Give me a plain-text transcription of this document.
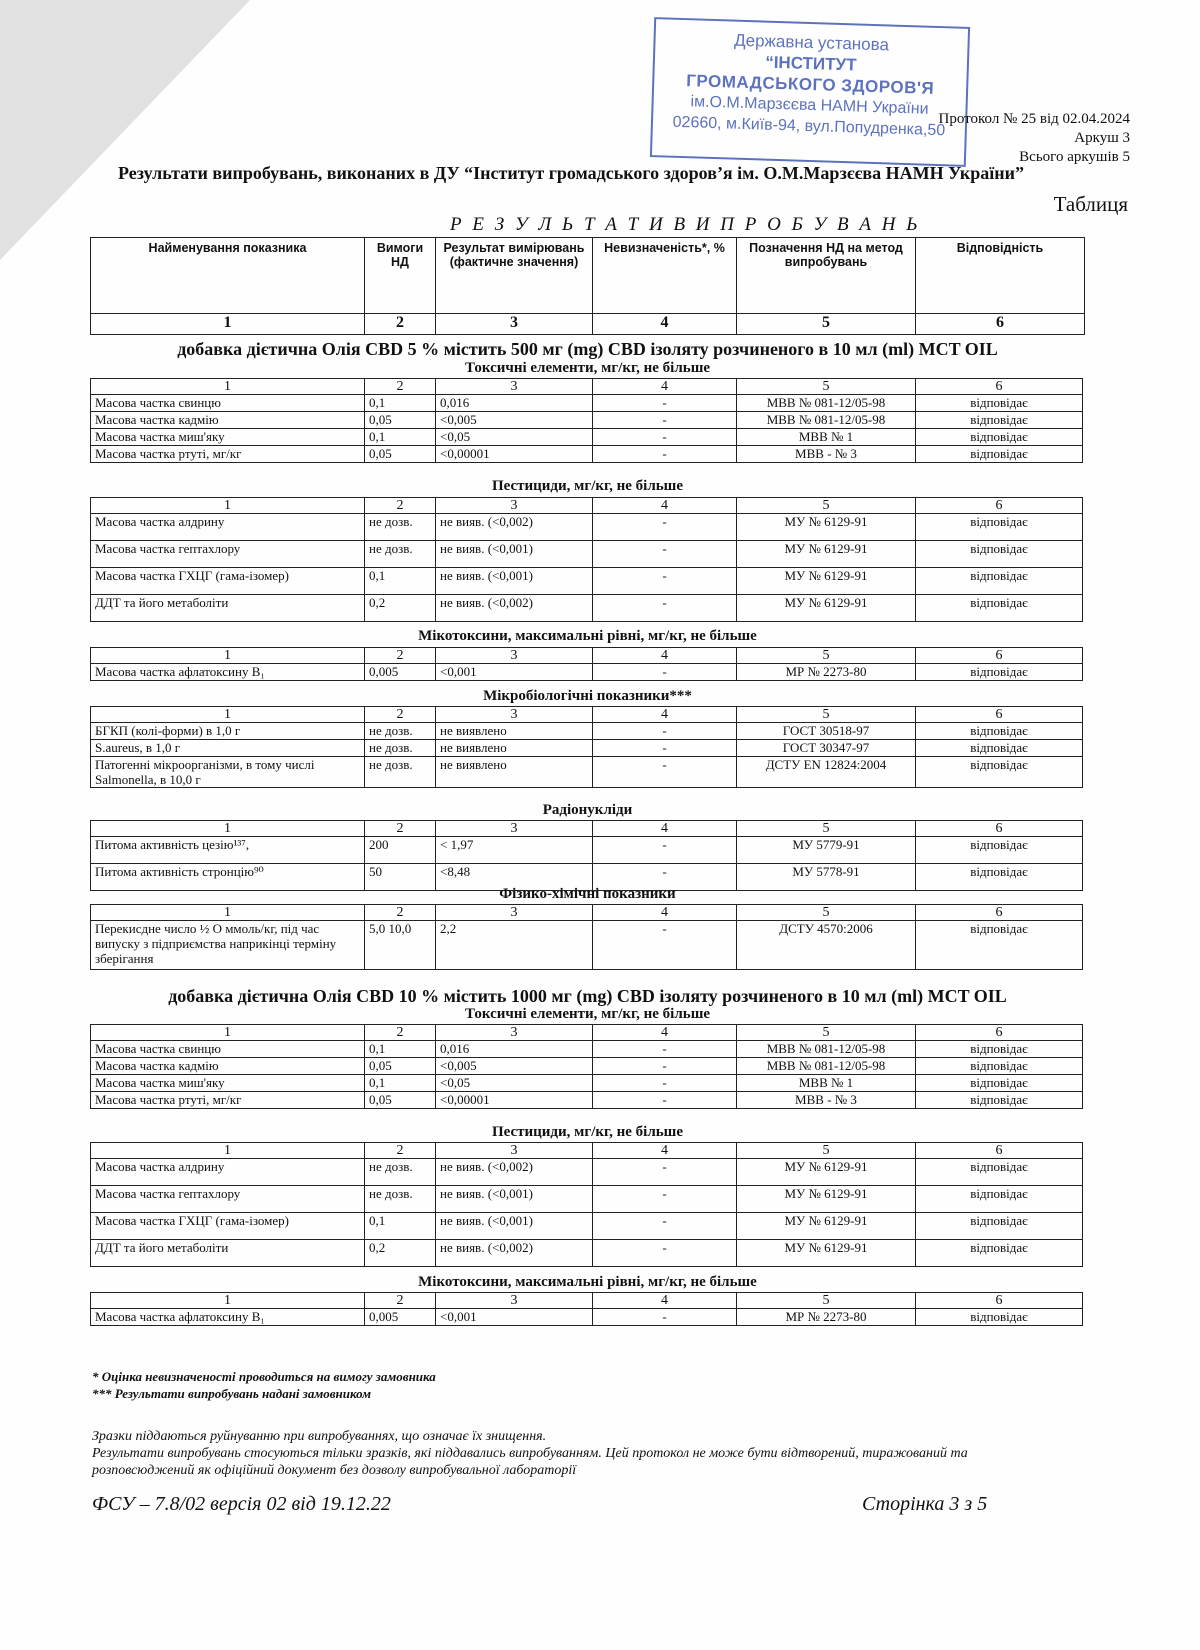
Державна установа
“ІНСТИТУТ
ГРОМАДСЬКОГО ЗДОРОВ'Я
ім.О.М.Марзєєва НАМН України
02660, м.Київ-94, вул.Попудренка,50
Протокол № 25 від 02.04.2024
Аркуш 3
Всього аркушів 5
Результати випробувань, виконаних в ДУ “Інститут громадського здоров’я ім. О.М.Марзєєва НАМН України”
Таблиця
Р Е З У Л Ь Т А Т И В И П Р О Б У В А Н Ь
Найменування показника	Вимоги НД	Результат вимірювань (фактичне значення)	Невизначеність*, %	Позначення НД на метод випробувань	Відповідність
1	2	3	4	5	6
добавка дієтична Олія CBD 5 % містить 500 мг (mg) CBD ізоляту розчиненого в 10 мл (ml) MCT OIL
Токсичні елементи, мг/кг, не більше
1	2	3	4	5	6
Масова частка свинцю	0,1	0,016	-	МВВ № 081-12/05-98	відповідає
Масова частка кадмію	0,05	<0,005	-	МВВ № 081-12/05-98	відповідає
Масова частка миш'яку	0,1	<0,05	-	МВВ № 1	відповідає
Масова частка ртуті, мг/кг	0,05	<0,00001	-	МВВ - № 3	відповідає
Пестициди, мг/кг, не більше
1	2	3	4	5	6
Масова частка алдрину	не дозв.	не вияв. (<0,002)	-	МУ № 6129-91	відповідає
Масова частка гептахлору	не дозв.	не вияв. (<0,001)	-	МУ № 6129-91	відповідає
Масова частка ГХЦГ (гама-ізомер)	0,1	не вияв. (<0,001)	-	МУ № 6129-91	відповідає
ДДТ та його метаболіти	0,2	не вияв. (<0,002)	-	МУ № 6129-91	відповідає
Мікотоксини, максимальні рівні, мг/кг, не більше
1	2	3	4	5	6
Масова частка афлатоксину B₁	0,005	<0,001	-	МР № 2273-80	відповідає
Мікробіологічні показники***
1	2	3	4	5	6
БГКП (колі-форми) в 1,0 г	не дозв.	не виявлено	-	ГОСТ 30518-97	відповідає
S.aureus, в 1,0 г	не дозв.	не виявлено	-	ГОСТ 30347-97	відповідає
Патогенні мікроорганізми, в тому числі Salmonella, в 10,0 г	не дозв.	не виявлено	-	ДСТУ EN 12824:2004	відповідає
Радіонукліди
1	2	3	4	5	6
Питома активність цезію¹³⁷,	200	< 1,97	-	МУ 5779-91	відповідає
Питома активність стронцію⁹⁰	50	<8,48	-	МУ 5778-91	відповідає
Фізико-хімічні показники
1	2	3	4	5	6
Перекисдне число ½ О ммоль/кг, під час випуску з підприємства наприкінці терміну зберігання	5,0 10,0	2,2	-	ДСТУ 4570:2006	відповідає
добавка дієтична Олія CBD 10 % містить 1000 мг (mg) CBD ізоляту розчиненого в 10 мл (ml) MCT OIL
Токсичні елементи, мг/кг, не більше
1	2	3	4	5	6
Масова частка свинцю	0,1	0,016	-	МВВ № 081-12/05-98	відповідає
Масова частка кадмію	0,05	<0,005	-	МВВ № 081-12/05-98	відповідає
Масова частка миш'яку	0,1	<0,05	-	МВВ № 1	відповідає
Масова частка ртуті, мг/кг	0,05	<0,00001	-	МВВ - № 3	відповідає
Пестициди, мг/кг, не більше
1	2	3	4	5	6
Масова частка алдрину	не дозв.	не вияв. (<0,002)	-	МУ № 6129-91	відповідає
Масова частка гептахлору	не дозв.	не вияв. (<0,001)	-	МУ № 6129-91	відповідає
Масова частка ГХЦГ (гама-ізомер)	0,1	не вияв. (<0,001)	-	МУ № 6129-91	відповідає
ДДТ та його метаболіти	0,2	не вияв. (<0,002)	-	МУ № 6129-91	відповідає
Мікотоксини, максимальні рівні, мг/кг, не більше
1	2	3	4	5	6
Масова частка афлатоксину B₁	0,005	<0,001	-	МР № 2273-80	відповідає
* Оцінка невизначеності проводиться на вимогу замовника
*** Результати випробувань надані замовником
Зразки піддаються руйнуванню при випробуваннях, що означає їх знищення.
Результати випробувань стосуються тільки зразків, які піддавались випробуванням. Цей протокол не може бути відтворений, тиражований та розповсюджений як офіційний документ без дозволу випробувальної лабораторії
ФСУ – 7.8/02 версія 02 від 19.12.22	Сторінка 3 з 5
